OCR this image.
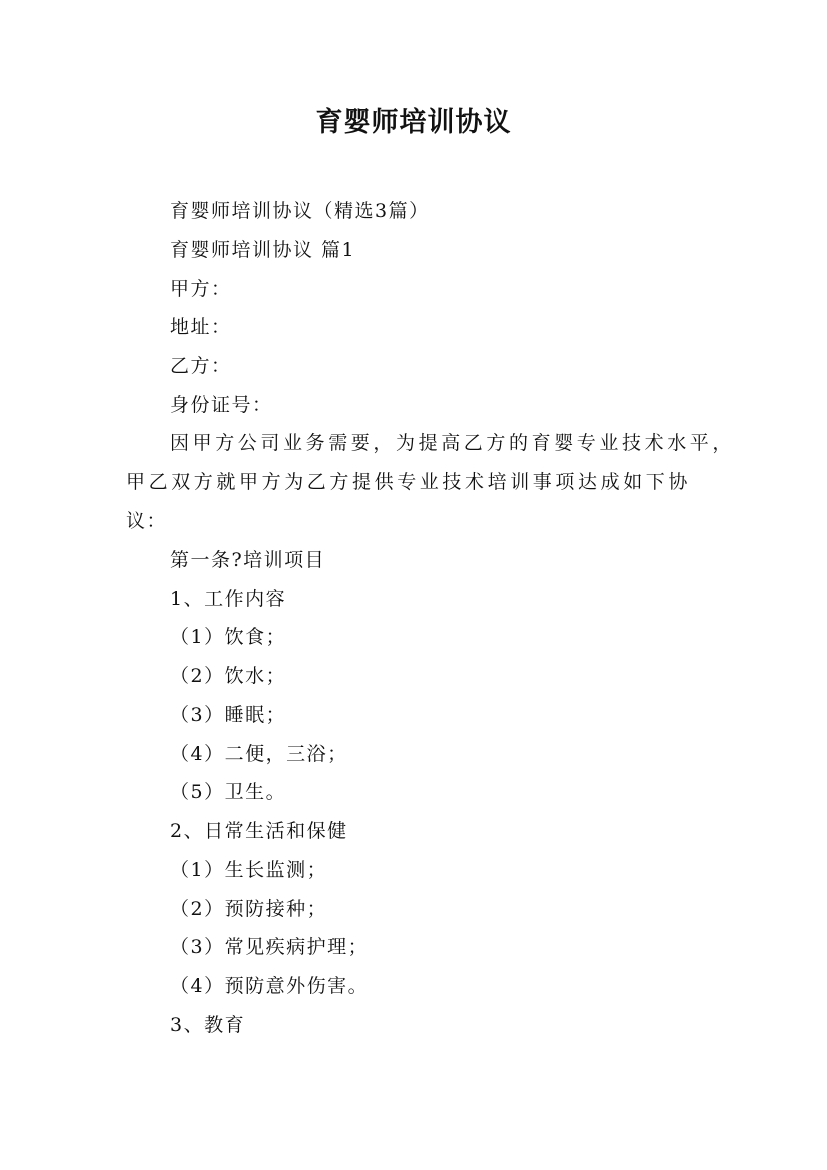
育婴师培训协议
育婴师培训协议（精选3篇）
育婴师培训协议 篇1
甲方：
地址：
乙方：
身份证号：
因甲方公司业务需要，为提高乙方的育婴专业技术水平，
甲乙双方就甲方为乙方提供专业技术培训事项达成如下协
议：
第一条?培训项目
1、工作内容
（1）饮食；
（2）饮水；
（3）睡眠；
（4）二便，三浴；
（5）卫生。
2、日常生活和保健
（1）生长监测；
（2）预防接种；
（3）常见疾病护理；
（4）预防意外伤害。
3、教育
